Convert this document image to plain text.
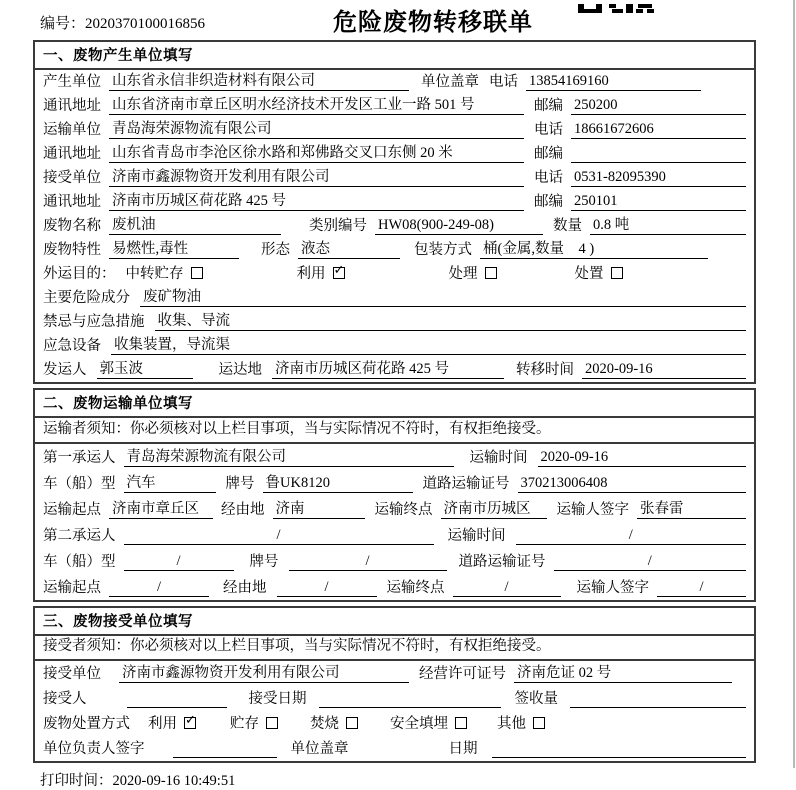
编号：2020370100016856	危险废物转移联单
一、废物产生单位填写
产生单位 山东省永信非织造材料有限公司	单位盖章 电话 13854169160
通讯地址 山东省济南市章丘区明水经济技术开发区工业一路 501 号	邮编 250200
运输单位 青岛海荣源物流有限公司	电话 18661672606
通讯地址 山东省青岛市李沧区徐水路和郑佛路交叉口东侧 20 米	邮编
接受单位 济南市鑫源物资开发利用有限公司	电话 0531-82095390
通讯地址 济南市历城区荷花路 425 号	邮编 250101
废物名称 废机油	类别编号 HW08(900-249-08)	数量 0.8 吨
废物特性 易燃性,毒性	形态 液态	包装方式 桶(金属,数量　4 )
外运目的： 中转贮存	利用 ✓	处理	处置
主要危险成分 废矿物油
禁忌与应急措施 收集、导流
应急设备 收集装置，导流渠
发运人 郭玉波	运达地 济南市历城区荷花路 425 号	转移时间 2020-09-16
二、废物运输单位填写
运输者须知： 你必须核对以上栏目事项，当与实际情况不符时，有权拒绝接受。
第一承运人 青岛海荣源物流有限公司	运输时间 2020-09-16
车（船）型 汽车	牌号 鲁UK8120	道路运输证号 370213006408
运输起点 济南市章丘区	经由地 济南	运输终点 济南市历城区	运输人签字 张春雷
第二承运人	/	运输时间	/
车（船）型	/	牌号	/	道路运输证号	/
运输起点	/	经由地	/	运输终点	/	运输人签字	/
三、废物接受单位填写
接受者须知： 你必须核对以上栏目事项，当与实际情况不符时，有权拒绝接受。
接受单位 济南市鑫源物资开发利用有限公司	经营许可证号 济南危证 02 号
接受人	接受日期	签收量
废物处置方式 利用 ✓ 贮存	焚烧	安全填埋	其他
单位负责人签字	单位盖章	日期
打印时间：2020-09-16 10:49:51
